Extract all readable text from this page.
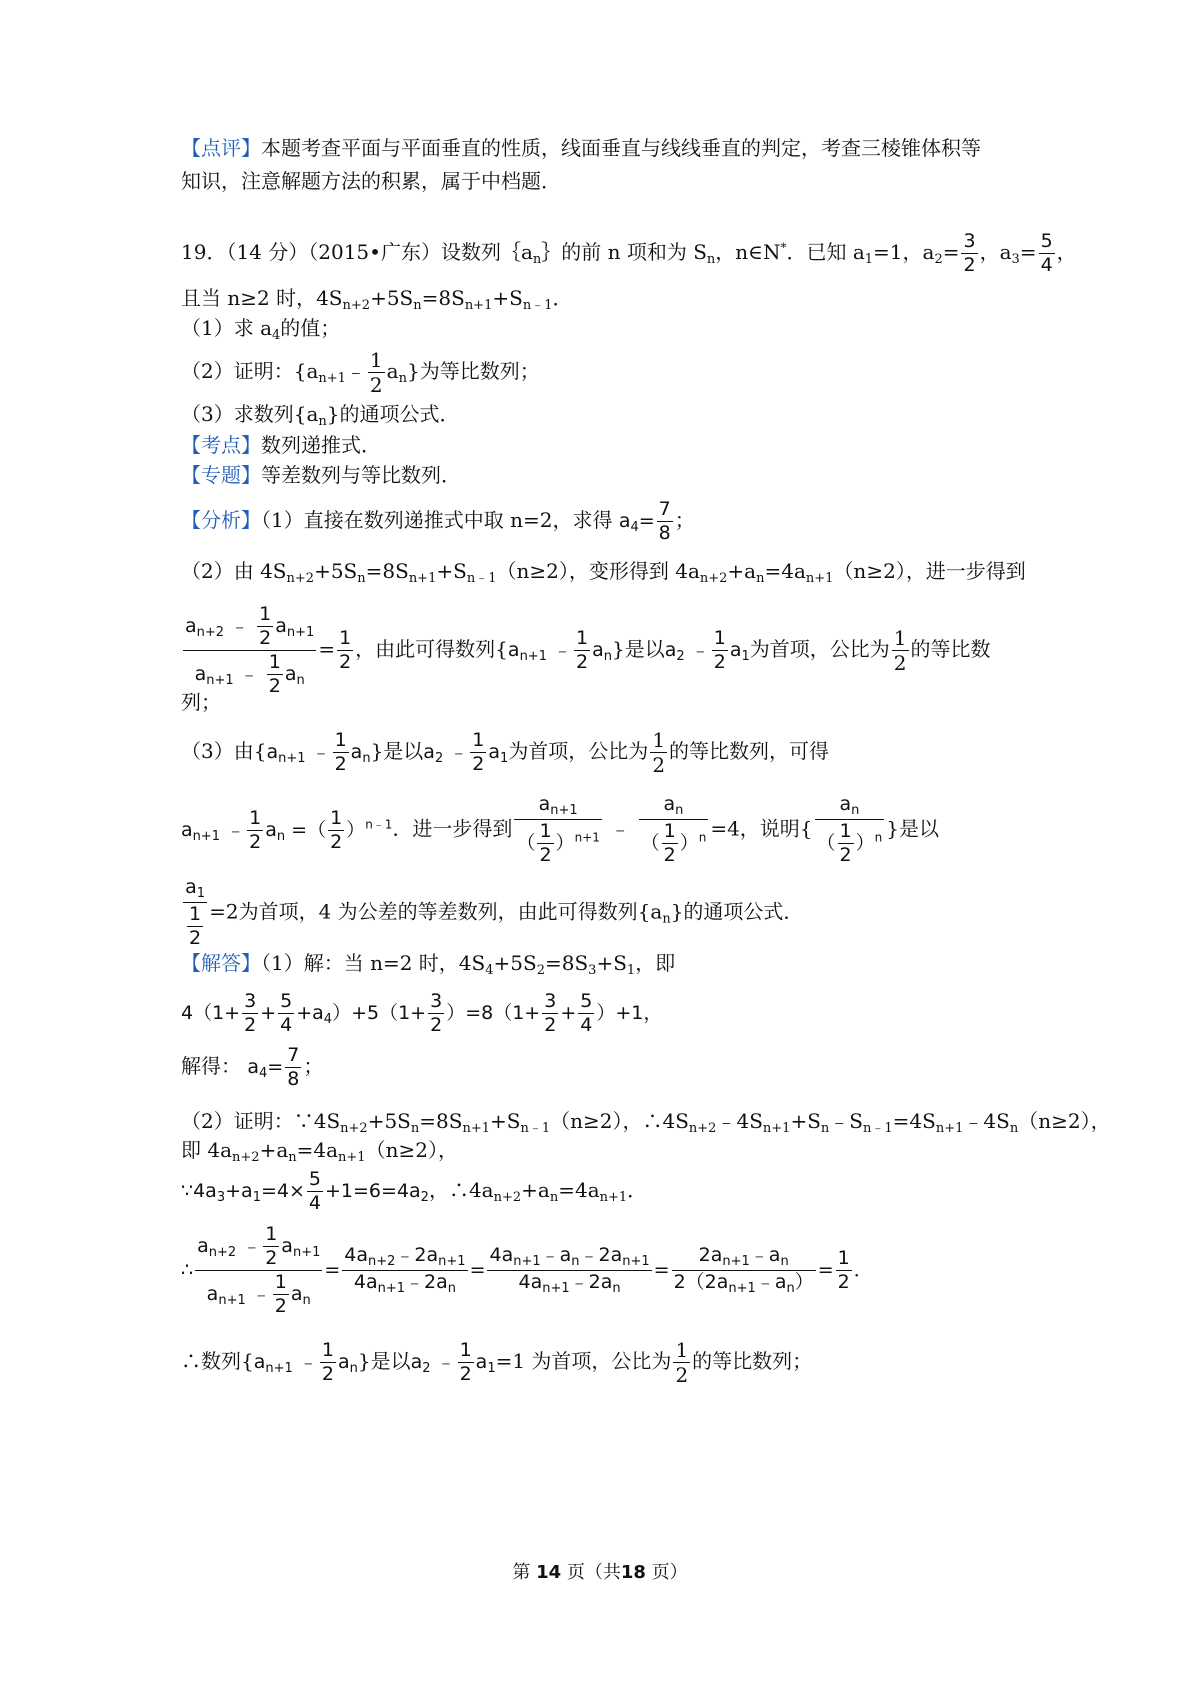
【点评】本题考查平面与平面垂直的性质，线面垂直与线线垂直的判定，考查三棱锥体积等
知识，注意解题方法的积累，属于中档题．
19．（14 分）（2015•广东）设数列$\{a_n\}$的前 n 项和为 $S_n$，n∈N*．已知 $a_1=1$，$a_2= \frac{3}{2}$ ，$a_3= \frac{5}{4}$ ，
且当 n≥2 时，$4S_{n+2}+5S_n=8S_{n+1}+S_{n﹣1}$．
（1）求 $a_4$的值；
（2）证明：$\{a_{n+1}﹣ \frac{1}{2} a_n\}$为等比数列；
（3）求数列$\{a_n\}$的通项公式．
【考点】数列递推式．
【专题】等差数列与等比数列．
【分析】（1）直接在数列递推式中取 n=2，求得 $a_4= \frac{7}{8}$ ；
（2）由 $4S_{n+2}+5S_n=8S_{n+1}+S_{n﹣1}(n\ge 2)$，变形得到 $4a_{n+2}+a_n=4a_{n+1}(n\ge 2)$，进一步得到
$\frac{a_{n+2} ﹣ \frac{1}{2} a_{n+1}}{a_{n+1} ﹣ \frac{1}{2} a_n} = \frac{1}{2}$ ，由此可得数列{$a_{n+1}$ ﹣ $\frac{1}{2} a_n$}是以$a_2$ ﹣ $\frac{1}{2} a_1$为首项，公比为 $\frac{1}{2}$ 的等比数
列；
（3）由{$a_{n+1}$ ﹣ $\frac{1}{2} a_n$}是以$a_2$ ﹣ $\frac{1}{2} a_1$为首项，公比为 $\frac{1}{2}$ 的等比数列，可得
$a_{n+1}$ ﹣ $\frac{1}{2} a_n$ =（ $\frac{1}{2} )^{n﹣1}$．进一步得到 $\frac{a_{n+1}}{( \frac{1}{2} )^{n+1}}$ ﹣ $\frac{a_n}{( \frac{1}{2} )^n} =4$，说明{ $\frac{a_n}{( \frac{1}{2} )^n}$ }是以
$\frac{a_1}{\frac{1}{2}} =2$为首项，4 为公差的等差数列，由此可得数列$\{a_n\}$的通项公式．
【解答】（1）解：当 n=2 时，$4S_4+5S_2=8S_3+S_1$，即
$4(1+ \frac{3}{2} + \frac{5}{4} +a_4)+5(1+ \frac{3}{2} )=8(1+ \frac{3}{2} + \frac{5}{4} )+1$，
解得： $a_4= \frac{7}{8}$ ；
（2）证明：$\because 4S_{n+2}+5S_n=8S_{n+1}+S_{n﹣1}(n\ge 2)$，$\therefore 4S_{n+2}﹣4S_{n+1}+S_n﹣S_{n﹣1}=4S_{n+1}﹣4S_n(n\ge 2)$，
即 $4a_{n+2}+a_n=4a_{n+1}(n\ge 2)$，
$\because 4a_3+a_1=4\times \frac{5}{4} +1=6=4a_2$，$\therefore 4a_{n+2}+a_n=4a_{n+1}$．
∴ $\frac{a_{n+2} ﹣ \frac{1}{2} a_{n+1}}{a_{n+1} ﹣ \frac{1}{2} a_n} = \frac{4a_{n+2}﹣2a_{n+1}}{4a_{n+1}﹣2a_n} = \frac{4a_{n+1}﹣a_n﹣2a_{n+1}}{4a_{n+1}﹣2a_n} = \frac{2a_{n+1}﹣a_n}{2(2a_{n+1}﹣a_n)} = \frac{1}{2}$ ．
∴数列{$a_{n+1}$ ﹣ $\frac{1}{2} a_n$}是以$a_2$ ﹣ $\frac{1}{2} a_1=1$ 为首项，公比为 $\frac{1}{2}$ 的等比数列；
第 14 页（共18 页）
